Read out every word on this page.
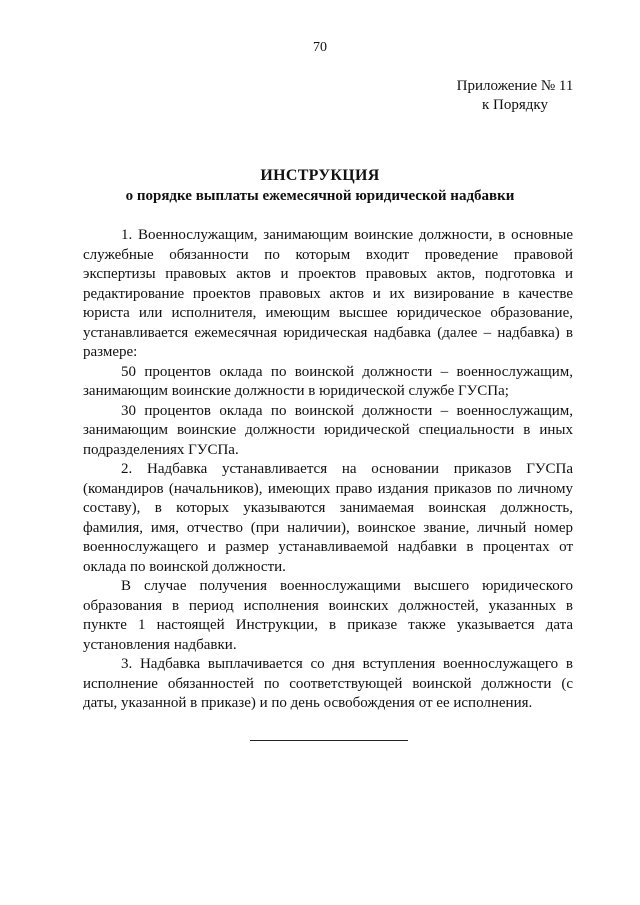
70
Приложение № 11
к Порядку
ИНСТРУКЦИЯ
о порядке выплаты ежемесячной юридической надбавки

1. Военнослужащим, занимающим воинские должности, в основные служебные обязанности по которым входит проведение правовой экспертизы правовых актов и проектов правовых актов, подготовка и редактирование проектов правовых актов и их визирование в качестве юриста или исполнителя, имеющим высшее юридическое образование, устанавливается ежемесячная юридическая надбавка (далее – надбавка) в размере:

50 процентов оклада по воинской должности – военнослужащим, занимающим воинские должности в юридической службе ГУСПа;

30 процентов оклада по воинской должности – военнослужащим, занимающим воинские должности юридической специальности в иных подразделениях ГУСПа.

2. Надбавка устанавливается на основании приказов ГУСПа (командиров (начальников), имеющих право издания приказов по личному составу), в которых указываются занимаемая воинская должность, фамилия, имя, отчество (при наличии), воинское звание, личный номер военнослужащего и размер устанавливаемой надбавки в процентах от оклада по воинской должности.

В случае получения военнослужащими высшего юридического образования в период исполнения воинских должностей, указанных в пункте 1 настоящей Инструкции, в приказе также указывается дата установления надбавки.

3. Надбавка выплачивается со дня вступления военнослужащего в исполнение обязанностей по соответствующей воинской должности (с даты, указанной в приказе) и по день освобождения от ее исполнения.
